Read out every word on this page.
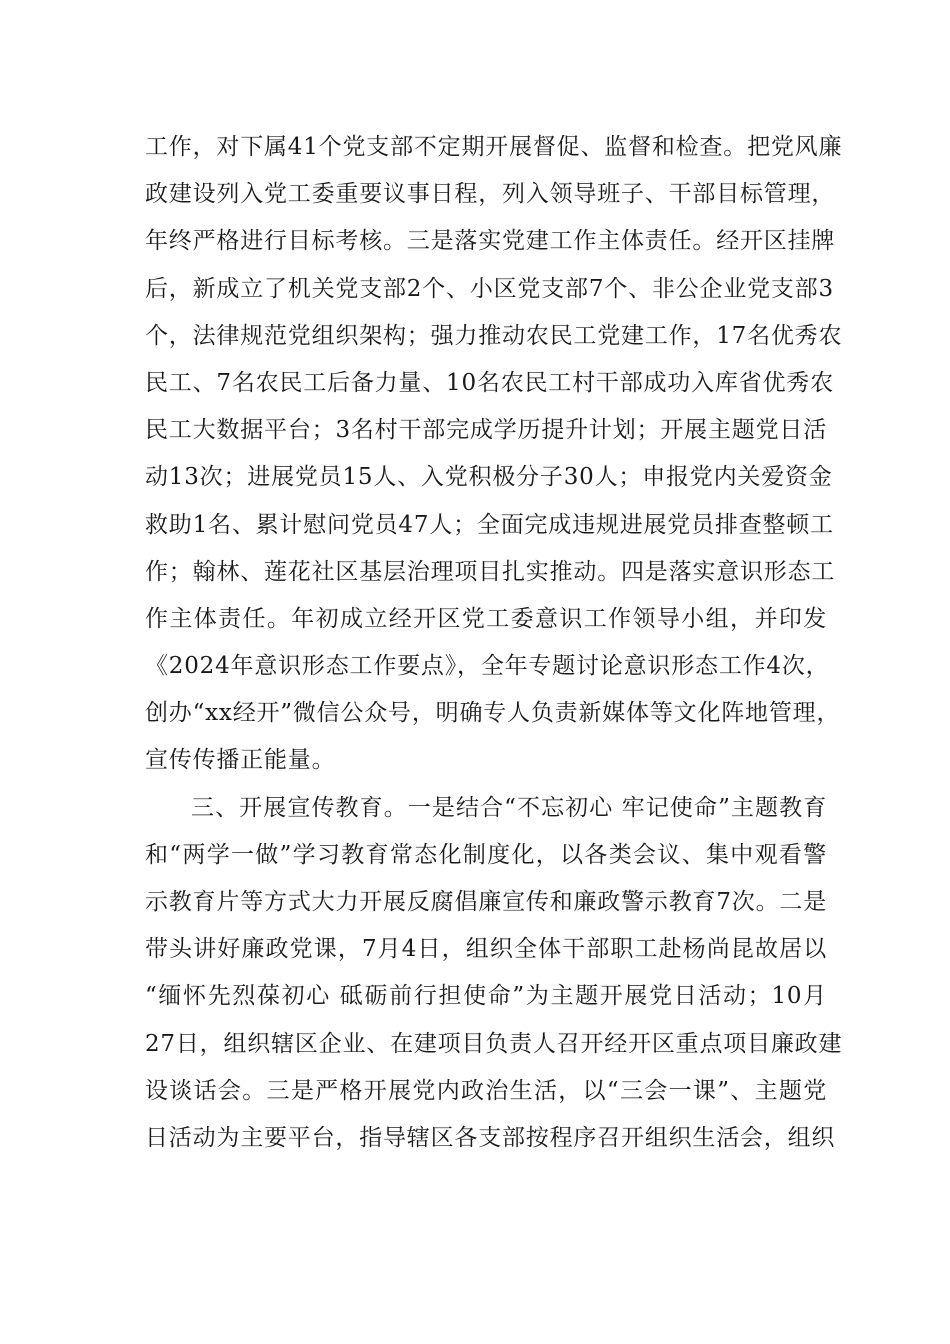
工作，对下属41个党支部不定期开展督促、监督和检查。把党风廉
政建设列入党工委重要议事日程，列入领导班子、干部目标管理，
年终严格进行目标考核。三是落实党建工作主体责任。经开区挂牌
后，新成立了机关党支部2个、小区党支部7个、非公企业党支部3
个，法律规范党组织架构；强力推动农民工党建工作，17名优秀农
民工、7名农民工后备力量、10名农民工村干部成功入库省优秀农
民工大数据平台；3名村干部完成学历提升计划；开展主题党日活
动13次；进展党员15人、入党积极分子30人；申报党内关爱资金
救助1名、累计慰问党员47人；全面完成违规进展党员排查整顿工
作；翰林、莲花社区基层治理项目扎实推动。四是落实意识形态工
作主体责任。年初成立经开区党工委意识工作领导小组，并印发
《2024年意识形态工作要点》，全年专题讨论意识形态工作4次，
创办“xx经开”微信公众号，明确专人负责新媒体等文化阵地管理，
宣传传播正能量。
三、开展宣传教育。一是结合“不忘初心 牢记使命”主题教育
和“两学一做”学习教育常态化制度化，以各类会议、集中观看警
示教育片等方式大力开展反腐倡廉宣传和廉政警示教育7次。二是
带头讲好廉政党课，7月4日，组织全体干部职工赴杨尚昆故居以
“缅怀先烈葆初心 砥砺前行担使命”为主题开展党日活动；10月
27日，组织辖区企业、在建项目负责人召开经开区重点项目廉政建
设谈话会。三是严格开展党内政治生活，以“三会一课”、主题党
日活动为主要平台，指导辖区各支部按程序召开组织生活会，组织
